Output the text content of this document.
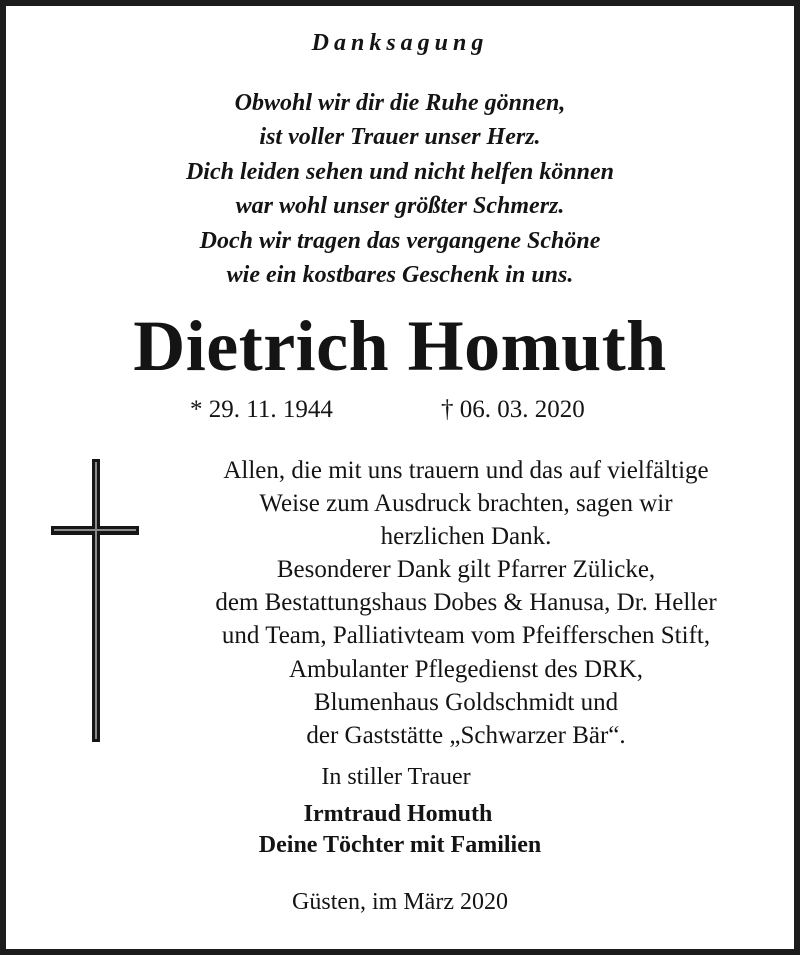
Danksagung
Obwohl wir dir die Ruhe gönnen,
ist voller Trauer unser Herz.
Dich leiden sehen und nicht helfen können
war wohl unser größter Schmerz.
Doch wir tragen das vergangene Schöne
wie ein kostbares Geschenk in uns.
Dietrich Homuth
* 29. 11. 1944	† 06. 03. 2020
Allen, die mit uns trauern und das auf vielfältige
Weise zum Ausdruck brachten, sagen wir
herzlichen Dank.
Besonderer Dank gilt Pfarrer Zülicke,
dem Bestattungshaus Dobes & Hanusa, Dr. Heller
und Team, Palliativteam vom Pfeifferschen Stift,
Ambulanter Pflegedienst des DRK,
Blumenhaus Goldschmidt und
der Gaststätte „Schwarzer Bär“.
In stiller Trauer
Irmtraud Homuth
Deine Töchter mit Familien
Güsten, im März 2020
